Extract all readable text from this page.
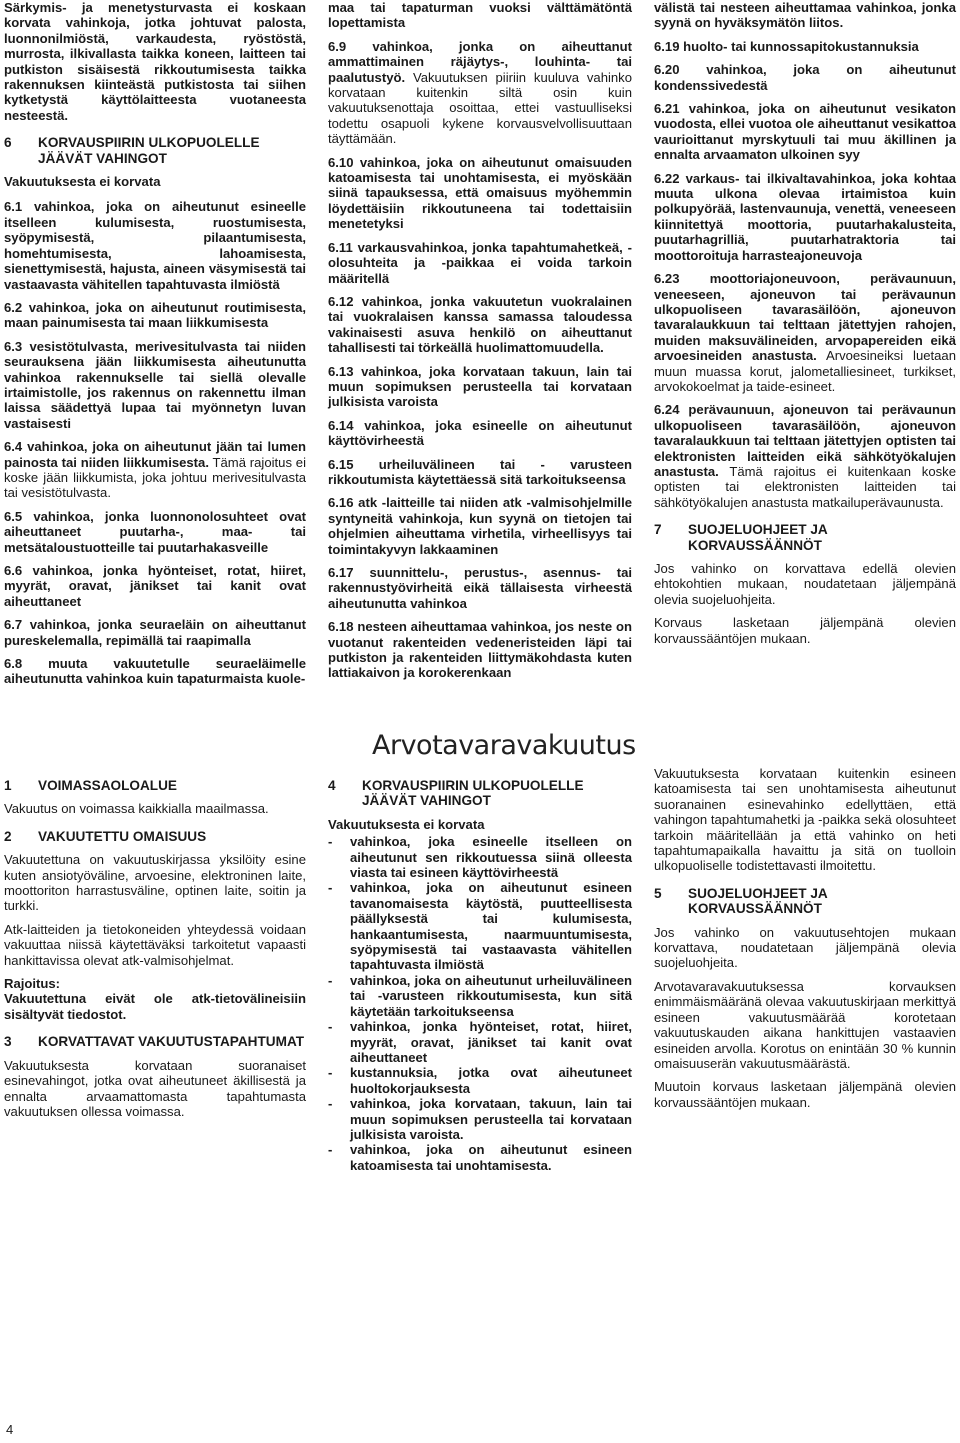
Särkymis- ja menetysturvasta ei koskaan korvata vahinkoja, jotka johtuvat palosta, luonnonilmiöstä, varkaudesta, ryöstöstä, murrosta, ilkivallasta taikka koneen, laitteen tai putkiston sisäisestä rikkoutumisesta taikka rakennuksen kiinteästä putkistosta tai siihen kytketystä käyttölaitteesta vuotaneesta nesteestä.

6	KORVAUSPIIRIN ULKOPUOLELLE JÄÄVÄT VAHINGOT
Vakuutuksesta ei korvata

6.1 vahinkoa, joka on aiheutunut esineelle itselleen kulumisesta, ruostumisesta, syöpymisestä, pilaantumisesta, homehtumisesta, lahoamisesta, sienettymisestä, hajusta, aineen väsymisestä tai vastaavasta vähitellen tapahtuvasta ilmiöstä

6.2 vahinkoa, joka on aiheutunut routimisesta, maan painumisesta tai maan liikkumisesta

6.3 vesistötulvasta, merivesitulvasta tai niiden seurauksena jään liikkumisesta aiheutunutta vahinkoa rakennukselle tai siellä olevalle irtaimistolle, jos rakennus on rakennettu ilman laissa säädettyä lupaa tai myönnetyn luvan vastaisesti

6.4 vahinkoa, joka on aiheutunut jään tai lumen painosta tai niiden liikkumisesta. Tämä rajoitus ei koske jään liikkumista, joka johtuu merivesitulvasta tai vesistötulvasta.

6.5 vahinkoa, jonka luonnonolosuhteet ovat aiheuttaneet puutarha-, maa- tai metsätaloustuotteille tai puutarhakasveille

6.6 vahinkoa, jonka hyönteiset, rotat, hiiret, myyrät, oravat, jänikset tai kanit ovat aiheuttaneet

6.7 vahinkoa, jonka seuraeläin on aiheuttanut pureskelemalla, repimällä tai raapimalla

6.8 muuta vakuutetulle seuraeläimelle aiheutunutta vahinkoa kuin tapaturmaista kuole-

maa tai tapaturman vuoksi välttämätöntä lopettamista

6.9 vahinkoa, jonka on aiheuttanut ammattimainen räjäytys-, louhinta- tai paalutustyö. Vakuutuksen piiriin kuuluva vahinko korvataan kuitenkin siltä osin kuin vakuutuksenottaja osoittaa, ettei vastuulliseksi todettu osapuoli kykene korvausvelvollisuuttaan täyttämään.

6.10 vahinkoa, joka on aiheutunut omaisuuden katoamisesta tai unohtamisesta, ei myöskään siinä tapauksessa, että omaisuus myöhemmin löydettäisiin rikkoutuneena tai todettaisiin menetetyksi

6.11 varkausvahinkoa, jonka tapahtumahetkeä, -olosuhteita ja -paikkaa ei voida tarkoin määritellä

6.12 vahinkoa, jonka vakuutetun vuokralainen tai vuokralaisen kanssa samassa taloudessa vakinaisesti asuva henkilö on aiheuttanut tahallisesti tai törkeällä huolimattomuudella.

6.13 vahinkoa, joka korvataan takuun, lain tai muun sopimuksen perusteella tai korvataan julkisista varoista

6.14 vahinkoa, joka esineelle on aiheutunut käyttövirheestä

6.15 urheiluvälineen tai - varusteen rikkoutumista käytettäessä sitä tarkoitukseensa

6.16 atk -laitteille tai niiden atk -valmisohjelmille syntyneitä vahinkoja, kun syynä on tietojen tai ohjelmien aiheuttama virhetila, virheellisyys tai toimintakyvyn lakkaaminen

6.17 suunnittelu-, perustus-, asennus- tai rakennustyövirheitä eikä tällaisesta virheestä aiheutunutta vahinkoa

6.18 nesteen aiheuttamaa vahinkoa, jos neste on vuotanut rakenteiden vedeneristeiden läpi tai putkiston ja rakenteiden liittymäkohdasta kuten lattiakaivon ja korokerenkaan

välistä tai nesteen aiheuttamaa vahinkoa, jonka syynä on hyväksymätön liitos.

6.19 huolto- tai kunnossapitokustannuksia

6.20 vahinkoa, joka on aiheutunut kondenssivedestä

6.21 vahinkoa, joka on aiheutunut vesikaton vuodosta, ellei vuotoa ole aiheuttanut vesikattoa vaurioittanut myrskytuuli tai muu äkillinen ja ennalta arvaamaton ulkoinen syy

6.22 varkaus- tai ilkivaltavahinkoa, joka kohtaa muuta ulkona olevaa irtaimistoa kuin polkupyörää, lastenvaunuja, venettä, veneeseen kiinnitettyä moottoria, puutarhakalusteita, puutarhagrilliä, puutarhatraktoria tai moottoroituja harrasteajoneuvoja

6.23 moottoriajoneuvoon, perävaunuun, veneeseen, ajoneuvon tai perävaunun ulkopuoliseen tavarasäilöön, ajoneuvon tavaralaukkuun tai telttaan jätettyjen rahojen, muiden maksuvälineiden, arvopapereiden eikä arvoesineiden anastusta. Arvoesineiksi luetaan muun muassa korut, jalometalliesineet, turkikset, arvokokoelmat ja taide-esineet.

6.24 perävaunuun, ajoneuvon tai perävaunun ulkopuoliseen tavarasäilöön, ajoneuvon tavaralaukkuun tai telttaan jätettyjen optisten tai elektronisten laitteiden eikä sähkötyökalujen anastusta. Tämä rajoitus ei kuitenkaan koske optisten tai elektronisten laitteiden tai sähkötyökalujen anastusta matkailuperävaunusta.

7	SUOJELUOHJEET JA KORVAUSSÄÄNNÖT

Jos vahinko on korvattava edellä olevien ehtokohtien mukaan, noudatetaan jäljempänä olevia suojeluohjeita.

Korvaus lasketaan jäljempänä olevien korvaussääntöjen mukaan.

Arvotavaravakuutus
1	VOIMASSAOLOALUE

Vakuutus on voimassa kaikkialla maailmassa.

2	VAKUUTETTU OMAISUUS

Vakuutettuna on vakuutuskirjassa yksilöity esine kuten ansiotyöväline, arvoesine, elektroninen laite, moottoriton harrastusväline, optinen laite, soitin ja turkki.

Atk-laitteiden ja tietokoneiden yhteydessä voidaan vakuuttaa niissä käytettäväksi tarkoitetut vapaasti hankittavissa olevat atk-valmisohjelmat.

Rajoitus:
Vakuutettuna eivät ole atk-tietovälineisiin sisältyvät tiedostot.

3	KORVATTAVAT VAKUUTUSTAPAHTUMAT

Vakuutuksesta korvataan suoranaiset esinevahingot, jotka ovat aiheutuneet äkillisestä ja ennalta arvaamattomasta tapahtumasta vakuutuksen ollessa voimassa.

4	KORVAUSPIIRIN ULKOPUOLELLE JÄÄVÄT VAHINGOT
Vakuutuksesta ei korvata
-	vahinkoa, joka esineelle itselleen on aiheutunut sen rikkoutuessa siinä olleesta viasta tai esineen käyttövirheestä
-	vahinkoa, joka on aiheutunut esineen tavanomaisesta käytöstä, puutteellisesta päällyksestä tai kulumisesta, hankaantumisesta, naarmuuntumisesta, syöpymisestä tai vastaavasta vähitellen tapahtuvasta ilmiöstä
-	vahinkoa, joka on aiheutunut urheiluvälineen tai -varusteen rikkoutumisesta, kun sitä käytetään tarkoitukseensa
-	vahinkoa, jonka hyönteiset, rotat, hiiret, myyrät, oravat, jänikset tai kanit ovat aiheuttaneet
-	kustannuksia, jotka ovat aiheutuneet huoltokorjauksesta
-	vahinkoa, joka korvataan, takuun, lain tai muun sopimuksen perusteella tai korvataan julkisista varoista.
-	vahinkoa, joka on aiheutunut esineen katoamisesta tai unohtamisesta.

Vakuutuksesta korvataan kuitenkin esineen katoamisesta tai sen unohtamisesta aiheutunut suoranainen esinevahinko edellyttäen, että vahingon tapahtumahetki ja -paikka sekä olosuhteet tarkoin määritellään ja että vahinko on heti tapahtumapaikalla havaittu ja sitä on tuolloin ulkopuoliselle todistettavasti ilmoitettu.

5	SUOJELUOHJEET JA KORVAUSSÄÄNNÖT

Jos vahinko on vakuutusehtojen mukaan korvattava, noudatetaan jäljempänä olevia suojeluohjeita.

Arvotavaravakuutuksessa korvauksen enimmäismääränä olevaa vakuutuskirjaan merkittyä esineen vakuutusmäärää korotetaan vakuutuskauden aikana hankittujen vastaavien esineiden arvolla. Korotus on enintään 30 % kunnin omaisuuserän vakuutusmäärästä.

Muutoin korvaus lasketaan jäljempänä olevien korvaussääntöjen mukaan.

4
